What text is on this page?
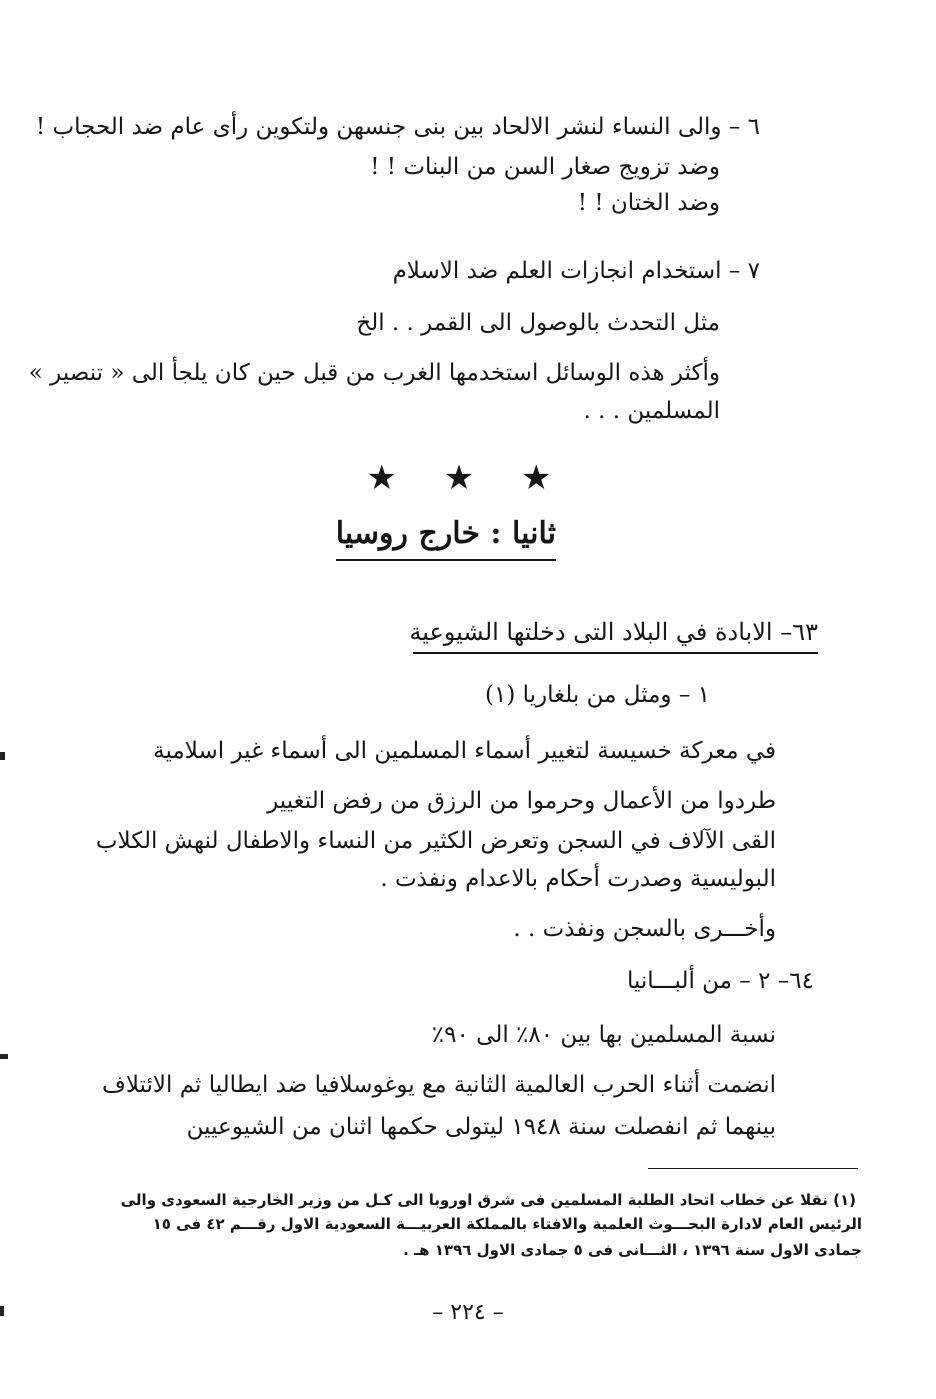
٦ – والى النساء لنشر الالحاد بين بنى جنسهن ولتكوين رأى عام ضد الحجاب !
وضد تزويج صغار السن من البنات ! !
وضد الختان ! !
٧ – استخدام انجازات العلم ضد الاسلام
مثل التحدث بالوصول الى القمر . . الخ
وأكثر هذه الوسائل استخدمها الغرب من قبل حين كان يلجأ الى « تنصير »
المسلمين . . .
★ ★ ★
ثانيا : خارج روسيا
٦٣– الابادة في البلاد التى دخلتها الشيوعية
١ – ومثل من بلغاريا (١)
في معركة خسيسة لتغيير أسماء المسلمين الى أسماء غير اسلامية
طردوا من الأعمال وحرموا من الرزق من رفض التغيير
القى الآلاف في السجن وتعرض الكثير من النساء والاطفال لنهش الكلاب
البوليسية وصدرت أحكام بالاعدام ونفذت .
وأخـــرى بالسجن ونفذت . .
٦٤– ٢ – من ألبـــانيا
نسبة المسلمين بها بين ٨٠٪ الى ٩٠٪
انضمت أثناء الحرب العالمية الثانية مع يوغوسلافيا ضد ايطاليا ثم الائتلاف
بينهما ثم انفصلت سنة ١٩٤٨ ليتولى حكمها اثنان من الشيوعيين
(١) نقلا عن خطاب اتحاد الطلبة المسلمين فى شرق اوروبا الى كـل من وزير الخارجية السعودى والى
الرئيس العام لادارة البحـــوث العلمية والافتاء بالمملكة العربيـــة السعودية الاول رقـــم ٤٢ فى ١٥
جمادى الاول سنة ١٣٩٦ ، الثـــانى فى ٥ جمادى الاول ١٣٩٦ هـ .
– ٢٢٤ –
